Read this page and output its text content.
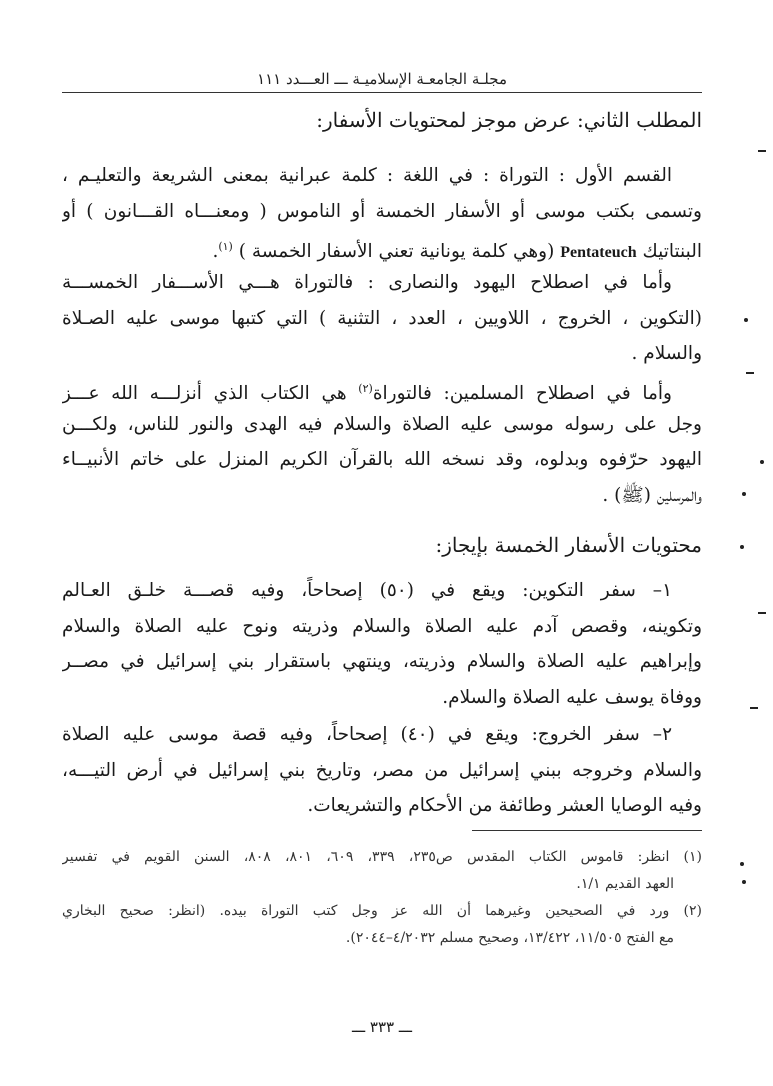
مجلـة الجامعـة الإسلاميـة ـــ العـــدد ١١١
المطلب الثاني: عرض موجز لمحتويات الأسفار:
القسم الأول : التوراة : في اللغة : كلمة عبرانية بمعنى الشريعة والتعليـم ،
وتسمى بكتب موسى أو الأسفار الخمسة أو الناموس ( ومعنـــاه القـــانون ) أو
البنتاتيك Pentateuch (وهي كلمة يونانية تعني الأسفار الخمسة ) $^{(١)}$.
وأما في اصطلاح اليهود والنصارى : فالتوراة هـــي الأســـفار الخمســـة
(التكوين ، الخروج ، اللاويين ، العدد ، التثنية ) التي كتبها موسى عليه الصـلاة
والسلام .
وأما في اصطلاح المسلمين: فالتوراة$^{(٢)}$ هي الكتاب الذي أنزلـــه الله عـــز
وجل على رسوله موسى عليه الصلاة والسلام فيه الهدى والنور للناس، ولكـــن
اليهود حرّفوه وبدلوه، وقد نسخه الله بالقرآن الكريم المنزل على خاتم الأنبيــاء
والمرسلين (ﷺ) .
محتويات الأسفار الخمسة بإيجاز:
١– سفر التكوين: ويقع في (٥٠) إصحاحاً، وفيه قصـــة خلـق العـالم
وتكوينه، وقصص آدم عليه الصلاة والسلام وذريته ونوح عليه الصلاة والسلام
وإبراهيم عليه الصلاة والسلام وذريته، وينتهي باستقرار بني إسرائيل في مصــر
ووفاة يوسف عليه الصلاة والسلام.
٢– سفر الخروج: ويقع في (٤٠) إصحاحاً، وفيه قصة موسى عليه الصلاة
والسلام وخروجه ببني إسرائيل من مصر، وتاريخ بني إسرائيل في أرض التيـــه،
وفيه الوصايا العشر وطائفة من الأحكام والتشريعات.
(١) انظر: قاموس الكتاب المقدس ص٢٣٥، ٣٣٩، ٦٠٩، ٨٠١، ٨٠٨، السنن القويم في تفسير
العهد القديم ١/١.
(٢) ورد في الصحيحين وغيرهما أن الله عز وجل كتب التوراة بيده. (انظر: صحيح البخاري
مع الفتح ١١/٥٠٥، ١٣/٤٢٢، وصحيح مسلم ٤/٢٠٣٢–٢٠٤٤).
ـــ ٣٣٣ ـــ
